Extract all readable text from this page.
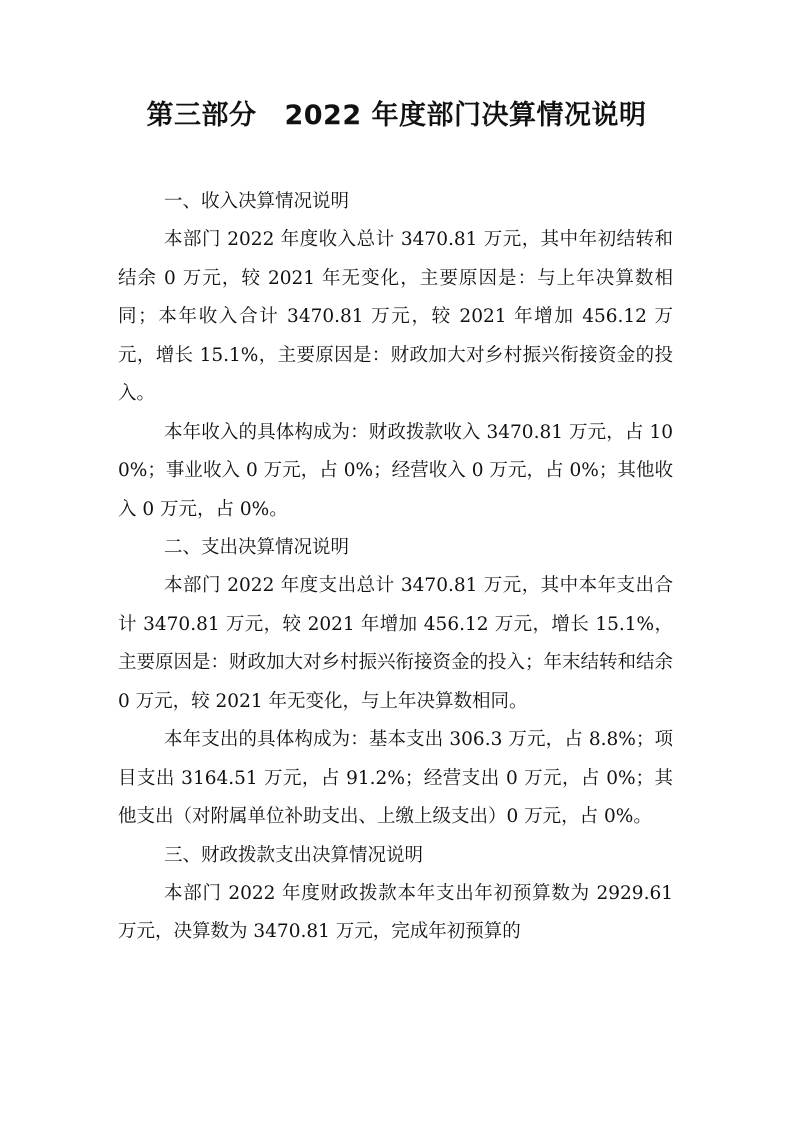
第三部分 2022 年度部门决算情况说明
一、收入决算情况说明

本部门 2022 年度收入总计 3470.81 万元，其中年初结转和结余 0 万元，较 2021 年无变化，主要原因是：与上年决算数相同；本年收入合计 3470.81 万元，较 2021 年增加 456.12 万元，增长 15.1%，主要原因是：财政加大对乡村振兴衔接资金的投入。

本年收入的具体构成为：财政拨款收入 3470.81 万元，占 100%；事业收入 0 万元，占 0%；经营收入 0 万元，占 0%；其他收入 0 万元，占 0%。

二、支出决算情况说明

本部门 2022 年度支出总计 3470.81 万元，其中本年支出合计 3470.81 万元，较 2021 年增加 456.12 万元，增长 15.1%，主要原因是：财政加大对乡村振兴衔接资金的投入；年末结转和结余 0 万元，较 2021 年无变化，与上年决算数相同。

本年支出的具体构成为：基本支出 306.3 万元，占 8.8%；项目支出 3164.51 万元，占 91.2%；经营支出 0 万元，占 0%；其他支出（对附属单位补助支出、上缴上级支出）0 万元，占 0%。

三、财政拨款支出决算情况说明

本部门 2022 年度财政拨款本年支出年初预算数为 2929.61 万元，决算数为 3470.81 万元，完成年初预算的
